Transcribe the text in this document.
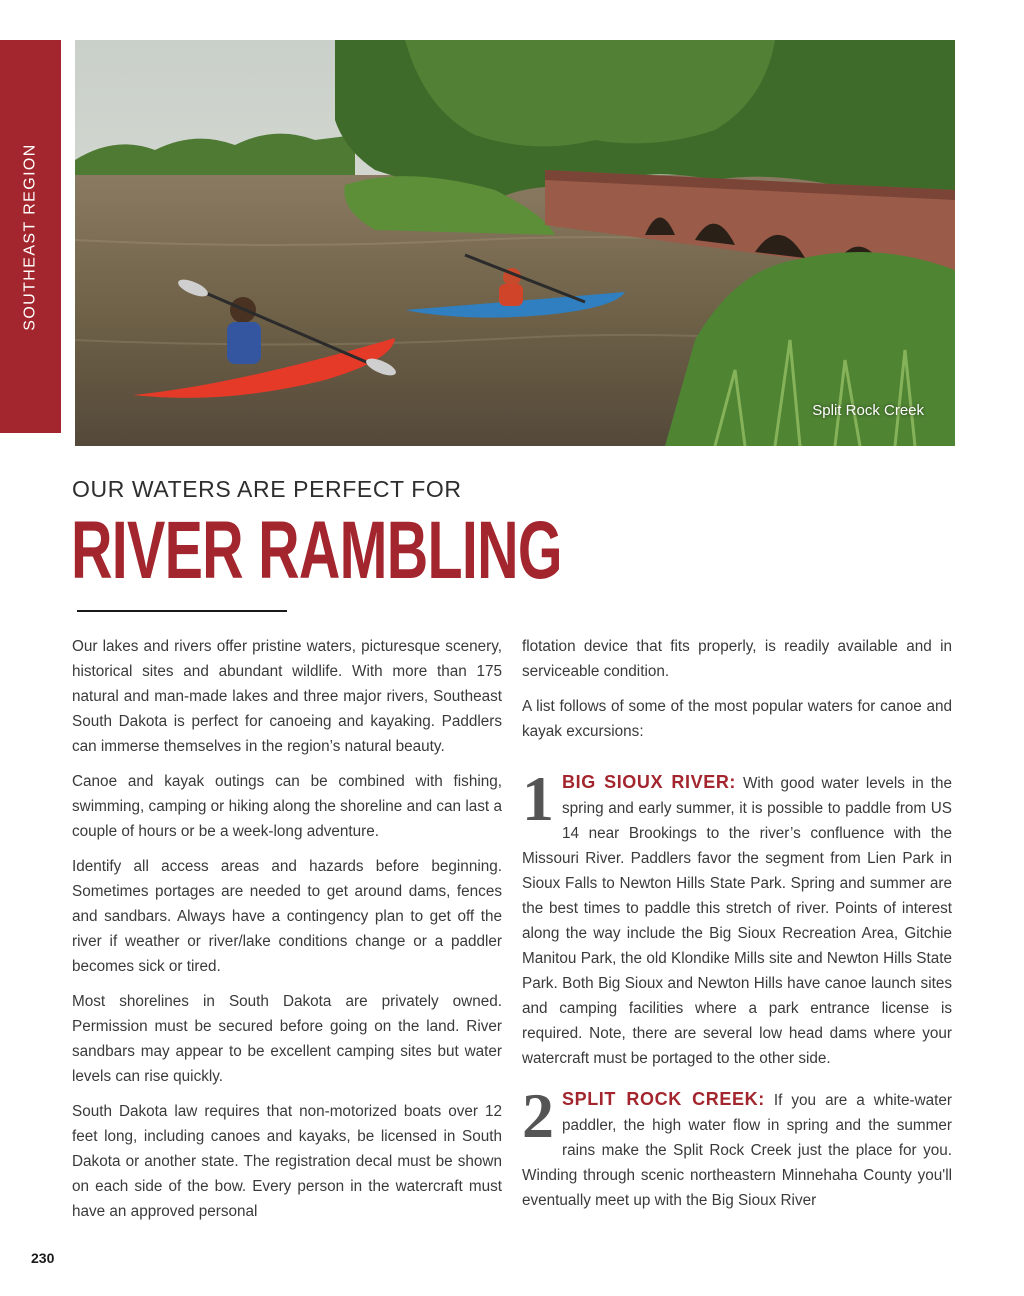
SOUTHEAST REGION
Split Rock Creek
OUR WATERS ARE PERFECT FOR
RIVER RAMBLING

Our lakes and rivers offer pristine waters, picturesque scenery, historical sites and abundant wildlife. With more than 175 natural and man-made lakes and three major rivers, Southeast South Dakota is perfect for canoeing and kayaking. Paddlers can immerse themselves in the region’s natural beauty.

Canoe and kayak outings can be combined with fishing, swimming, camping or hiking along the shoreline and can last a couple of hours or be a week-long adventure.

Identify all access areas and hazards before beginning. Sometimes portages are needed to get around dams, fences and sandbars. Always have a contingency plan to get off the river if weather or river/lake conditions change or a paddler becomes sick or tired.

Most shorelines in South Dakota are privately owned. Permission must be secured before going on the land. River sandbars may appear to be excellent camping sites but water levels can rise quickly.

South Dakota law requires that non-motorized boats over 12 feet long, including canoes and kayaks, be licensed in South Dakota or another state. The registration decal must be shown on each side of the bow. Every person in the watercraft must have an approved personal

flotation device that fits properly, is readily available and in serviceable condition.

A list follows of some of the most popular waters for canoe and kayak excursions:

1 BIG SIOUX RIVER: With good water levels in the spring and early summer, it is possible to paddle from US 14 near Brookings to the river’s confluence with the Missouri River. Paddlers favor the segment from Lien Park in Sioux Falls to Newton Hills State Park. Spring and summer are the best times to paddle this stretch of river. Points of interest along the way include the Big Sioux Recreation Area, Gitchie Manitou Park, the old Klondike Mills site and Newton Hills State Park. Both Big Sioux and Newton Hills have canoe launch sites and camping facilities where a park entrance license is required. Note, there are several low head dams where your watercraft must be portaged to the other side.

2 SPLIT ROCK CREEK: If you are a white-water paddler, the high water flow in spring and the summer rains make the Split Rock Creek just the place for you. Winding through scenic northeastern Minnehaha County you'll eventually meet up with the Big Sioux River

230
